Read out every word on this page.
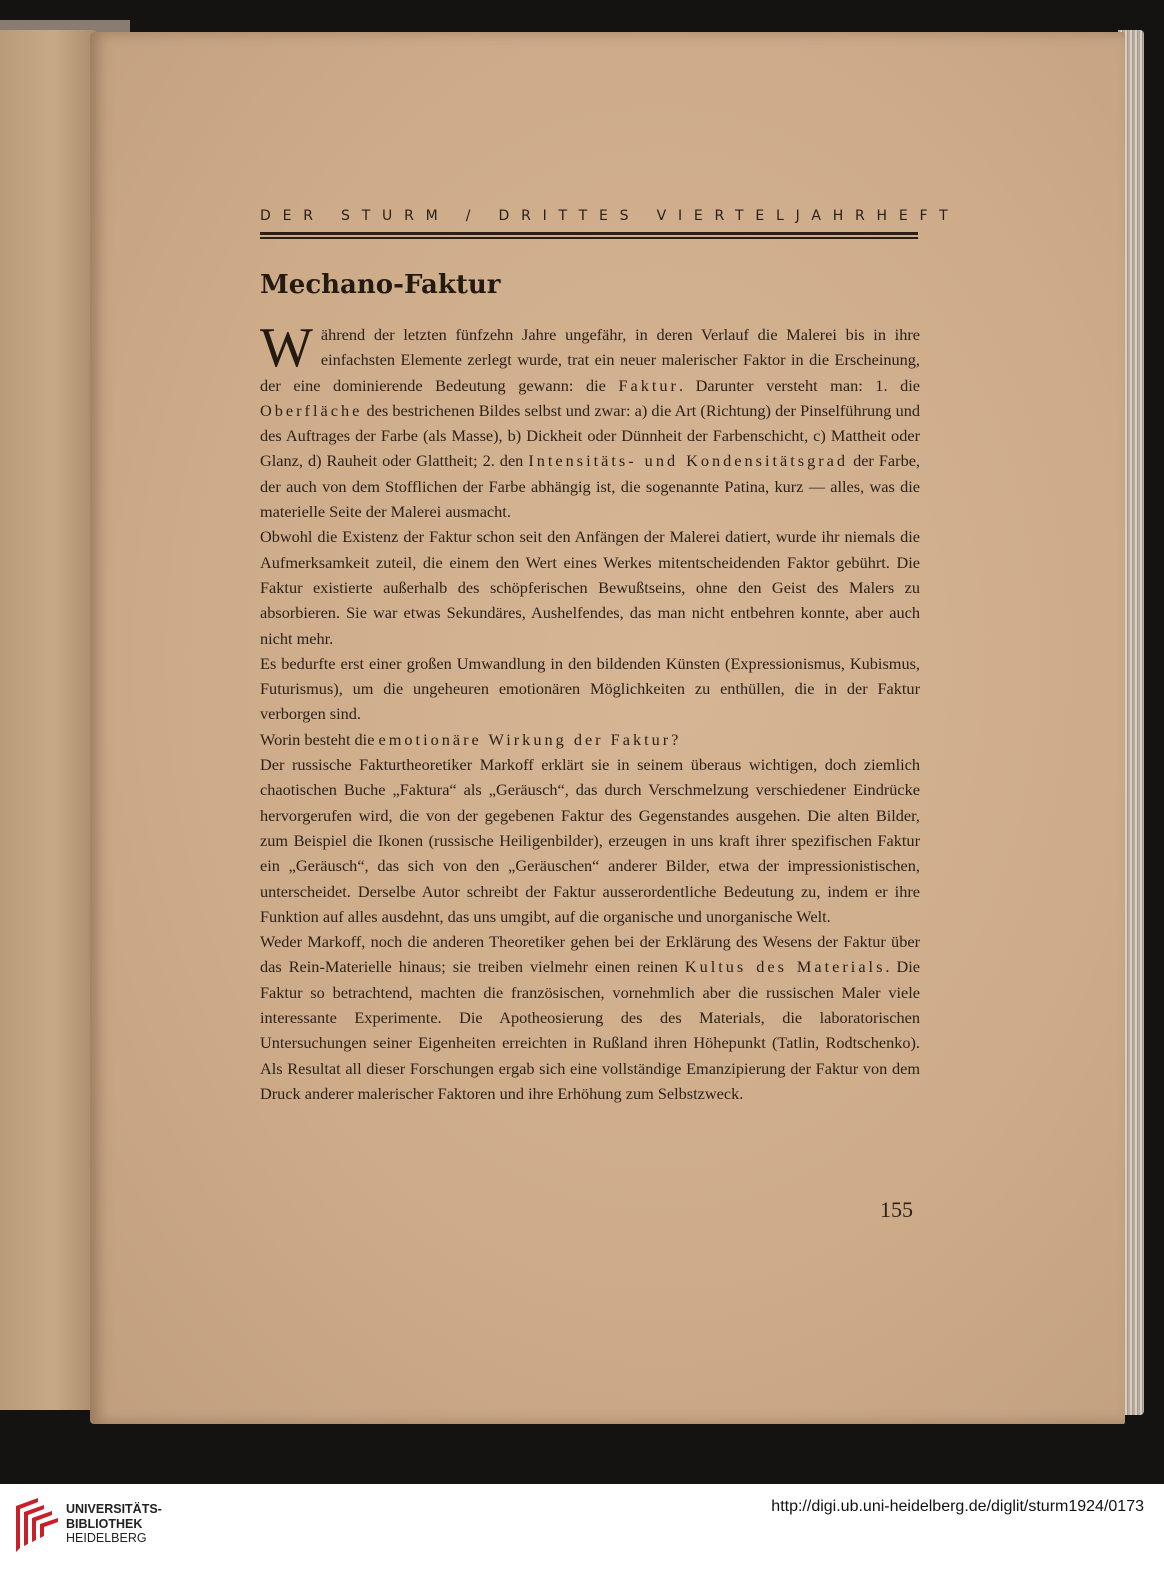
DER STURM / DRITTES VIERTELJAHRHEFT
Mechano-Faktur

Während der letzten fünfzehn Jahre ungefähr, in deren Verlauf die Malerei bis in ihre einfachsten Elemente zerlegt wurde, trat ein neuer malerischer Faktor in die Erscheinung, der eine dominierende Bedeutung gewann: die Faktur. Darunter versteht man: 1. die Oberfläche des bestrichenen Bildes selbst und zwar: a) die Art (Richtung) der Pinselführung und des Auftrages der Farbe (als Masse), b) Dickheit oder Dünnheit der Farbenschicht, c) Mattheit oder Glanz, d) Rauheit oder Glattheit; 2. den Intensitäts- und Kondensitätsgrad der Farbe, der auch von dem Stofflichen der Farbe abhängig ist, die sogenannte Patina, kurz — alles, was die materielle Seite der Malerei ausmacht.

Obwohl die Existenz der Faktur schon seit den Anfängen der Malerei datiert, wurde ihr niemals die Aufmerksamkeit zuteil, die einem den Wert eines Werkes mitentscheidenden Faktor gebührt. Die Faktur existierte außerhalb des schöpferischen Bewußtseins, ohne den Geist des Malers zu absorbieren. Sie war etwas Sekundäres, Aushelfendes, das man nicht entbehren konnte, aber auch nicht mehr.

Es bedurfte erst einer großen Umwandlung in den bildenden Künsten (Expressionismus, Kubismus, Futurismus), um die ungeheuren emotionären Möglichkeiten zu enthüllen, die in der Faktur verborgen sind.

Worin besteht die emotionäre Wirkung der Faktur?

Der russische Fakturtheoretiker Markoff erklärt sie in seinem überaus wichtigen, doch ziemlich chaotischen Buche „Faktura“ als „Geräusch“, das durch Verschmelzung verschiedener Eindrücke hervorgerufen wird, die von der gegebenen Faktur des Gegenstandes ausgehen. Die alten Bilder, zum Beispiel die Ikonen (russische Heiligenbilder), erzeugen in uns kraft ihrer spezifischen Faktur ein „Geräusch“, das sich von den „Geräuschen“ anderer Bilder, etwa der impressionistischen, unterscheidet. Derselbe Autor schreibt der Faktur ausserordentliche Bedeutung zu, indem er ihre Funktion auf alles ausdehnt, das uns umgibt, auf die organische und unorganische Welt.

Weder Markoff, noch die anderen Theoretiker gehen bei der Erklärung des Wesens der Faktur über das Rein-Materielle hinaus; sie treiben vielmehr einen reinen Kultus des Materials. Die Faktur so betrachtend, machten die französischen, vornehmlich aber die russischen Maler viele interessante Experimente. Die Apotheosierung des des Materials, die laboratorischen Untersuchungen seiner Eigenheiten erreichten in Rußland ihren Höhepunkt (Tatlin, Rodtschenko). Als Resultat all dieser Forschungen ergab sich eine vollständige Emanzipierung der Faktur von dem Druck anderer malerischer Faktoren und ihre Erhöhung zum Selbstzweck.

155
UNIVERSITÄTS-
BIBLIOTHEK
HEIDELBERG
http://digi.ub.uni-heidelberg.de/diglit/sturm1924/0173
